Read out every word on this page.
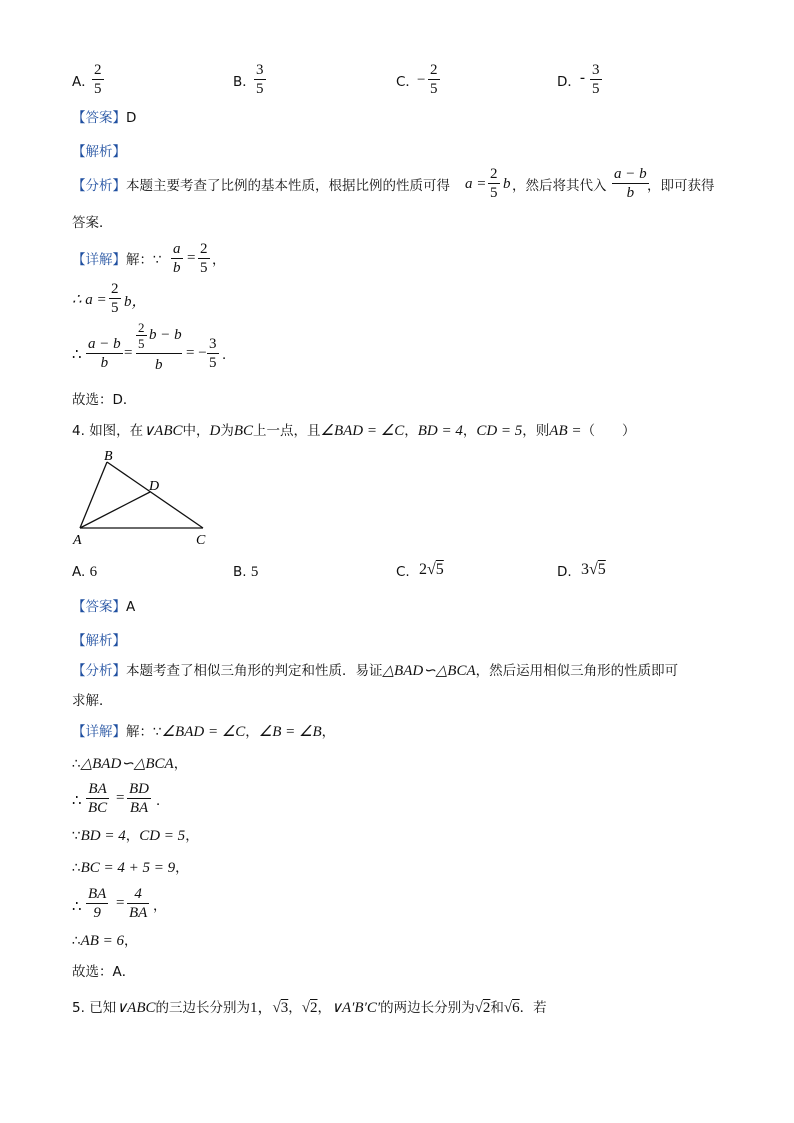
A．
2
5	B．
3
5	C．
−
2
5	D． - 3
5
【答案】D
【解析】
【分析】本题主要考查了比例的基本性质，根据比例的性质可得 a =
2
5
b ，然后将其代入
a − b
b ，即可获得
答案．
【详解】解：∵
a
b
=
2
5 ，
∴ a =
2
5 b，
∴
a − b
b
=
2
5
b − b
b
= −
3
5 ．
故选：D．
4. 如图，在∨ABC中，D为BC上一点，且∠BAD = ∠C，BD = 4，CD = 5，则AB =（　　）
B
D
A	C
A. 6	B. 5	C. 2√5	D. 3√5
【答案】A
【解析】
【分析】本题考查了相似三角形的判定和性质．易证△BAD∽△BCA，然后运用相似三角形的性质即可
求解．
【详解】解：∵∠BAD = ∠C，∠B = ∠B，
∴△BAD∽△BCA，
∴
BA
BC
=
BD
BA ．
∵BD = 4，CD = 5，
∴BC = 4 + 5 = 9，
∴
BA
9
=
4
BA ，
∴AB = 6，
故选：A．
5. 已知∨ABC的三边长分别为1，√3，√2，∨A′B′C′的两边长分别为√2和√6．若
